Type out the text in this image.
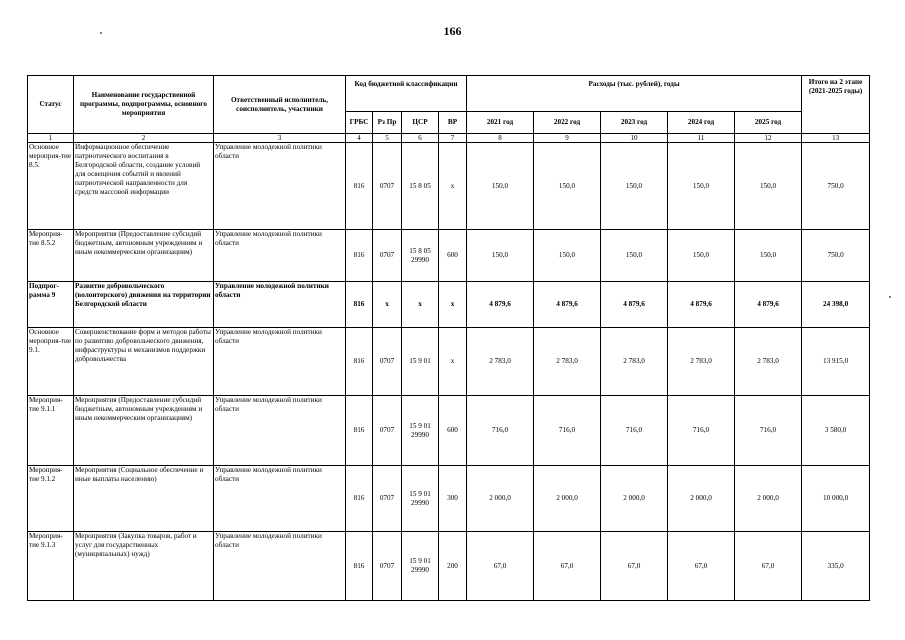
166
Статус	Наименование государственной программы, подпрограммы, основного мероприятия	Ответственный исполнитель, соисполнитель, участники	Код бюджетной классификации				Расходы (тыс. рублей), годы					Итого на 2 этапе (2021-2025 годы)
			ГРБС	Рз Пр	ЦСР	ВР	2021 год	2022 год	2023 год	2024 год	2025 год	
1	2	3	4	5	6	7	8	9	10	11	12	13
Основное мероприя-тие 8.5.	Информационное обеспечение патриотического воспитания в Белгородской области, создание условий для освещения событий и явлений патриотической направленности для средств массовой информации	Управление молодежной политики области	816	0707	15 8 05	x	150,0	150,0	150,0	150,0	150,0	750,0
Мероприя-тие 8.5.2	Мероприятия (Предоставление субсидий бюджетным, автономным учреждениям и иным некоммерческим организациям)	Управление молодежной политики области	816	0707	15 8 05 29990	600	150,0	150,0	150,0	150,0	150,0	750,0
Подпрог-рамма 9	Развитие добровольческого (волонтерского) движения на территории Белгородской области	Управление молодежной политики области	816	x	x	x	4 879,6	4 879,6	4 879,6	4 879,6	4 879,6	24 398,0
Основное мероприя-тие 9.1.	Совершенствование форм и методов работы по развитию добровольческого движения, инфраструктуры и механизмов поддержки добровольчества	Управление молодежной политики области	816	0707	15 9 01	x	2 783,0	2 783,0	2 783,0	2 783,0	2 783,0	13 915,0
Мероприя-тие 9.1.1	Мероприятия (Предоставление субсидий бюджетным, автономным учреждениям и иным некоммерческим организациям)	Управление молодежной политики области	816	0707	15 9 01 29990	600	716,0	716,0	716,0	716,0	716,0	3 580,0
Мероприя-тие 9.1.2	Мероприятия (Социальное обеспечение и иные выплаты населению)	Управление молодежной политики области	816	0707	15 9 01 29990	300	2 000,0	2 000,0	2 000,0	2 000,0	2 000,0	10 000,0
Мероприя-тие 9.1.3	Мероприятия (Закупка товаров, работ и услуг для государственных (муниципальных) нужд)	Управление молодежной политики области	816	0707	15 9 01 29990	200	67,0	67,0	67,0	67,0	67,0	335,0
